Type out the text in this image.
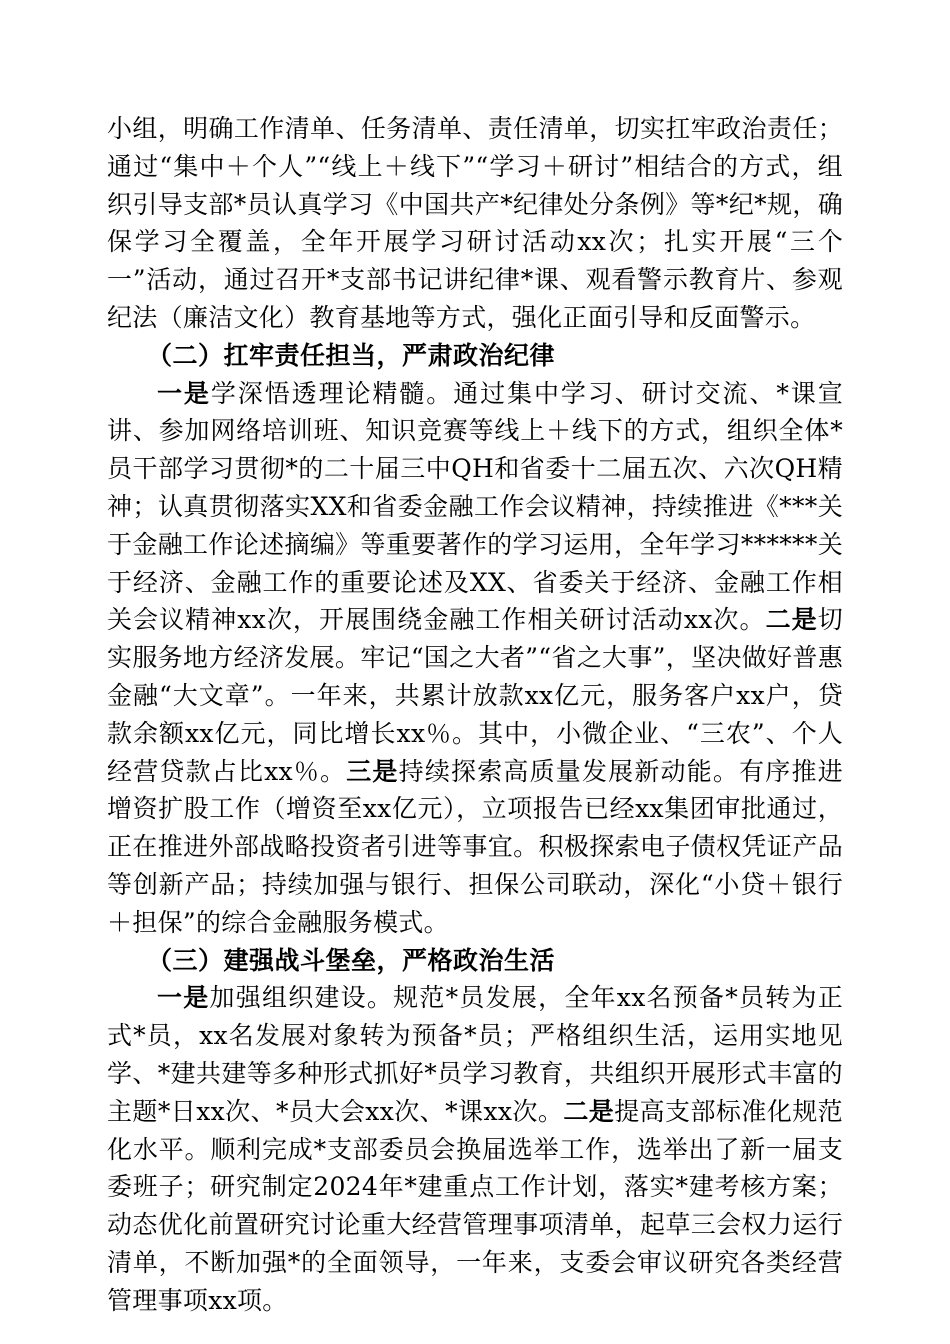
小组，明确工作清单、任务清单、责任清单，切实扛牢政治责任；通过“集中＋个人”“线上＋线下”“学习＋研讨”相结合的方式，组织引导支部*员认真学习《中国共产*纪律处分条例》等*纪*规，确保学习全覆盖，全年开展学习研讨活动xx次；扎实开展“三个一”活动，通过召开*支部书记讲纪律*课、观看警示教育片、参观纪法（廉洁文化）教育基地等方式，强化正面引导和反面警示。

（二）扛牢责任担当，严肃政治纪律

一是学深悟透理论精髓。通过集中学习、研讨交流、*课宣讲、参加网络培训班、知识竞赛等线上＋线下的方式，组织全体*员干部学习贯彻*的二十届三中QH和省委十二届五次、六次QH精神；认真贯彻落实XX和省委金融工作会议精神，持续推进《***关于金融工作论述摘编》等重要著作的学习运用，全年学习******关于经济、金融工作的重要论述及XX、省委关于经济、金融工作相关会议精神xx次，开展围绕金融工作相关研讨活动xx次。二是切实服务地方经济发展。牢记“国之大者”“省之大事”，坚决做好普惠金融“大文章”。一年来，共累计放款xx亿元，服务客户xx户，贷款余额xx亿元，同比增长xx％。其中，小微企业、“三农”、个人经营贷款占比xx％。三是持续探索高质量发展新动能。有序推进增资扩股工作（增资至xx亿元），立项报告已经xx集团审批通过，正在推进外部战略投资者引进等事宜。积极探索电子债权凭证产品等创新产品；持续加强与银行、担保公司联动，深化“小贷＋银行＋担保”的综合金融服务模式。

（三）建强战斗堡垒，严格政治生活

一是加强组织建设。规范*员发展，全年xx名预备*员转为正式*员，xx名发展对象转为预备*员；严格组织生活，运用实地见学、*建共建等多种形式抓好*员学习教育，共组织开展形式丰富的主题*日xx次、*员大会xx次、*课xx次。二是提高支部标准化规范化水平。顺利完成*支部委员会换届选举工作，选举出了新一届支委班子；研究制定2024年*建重点工作计划，落实*建考核方案；动态优化前置研究讨论重大经营管理事项清单，起草三会权力运行清单，不断加强*的全面领导，一年来，支委会审议研究各类经营管理事项xx项。
